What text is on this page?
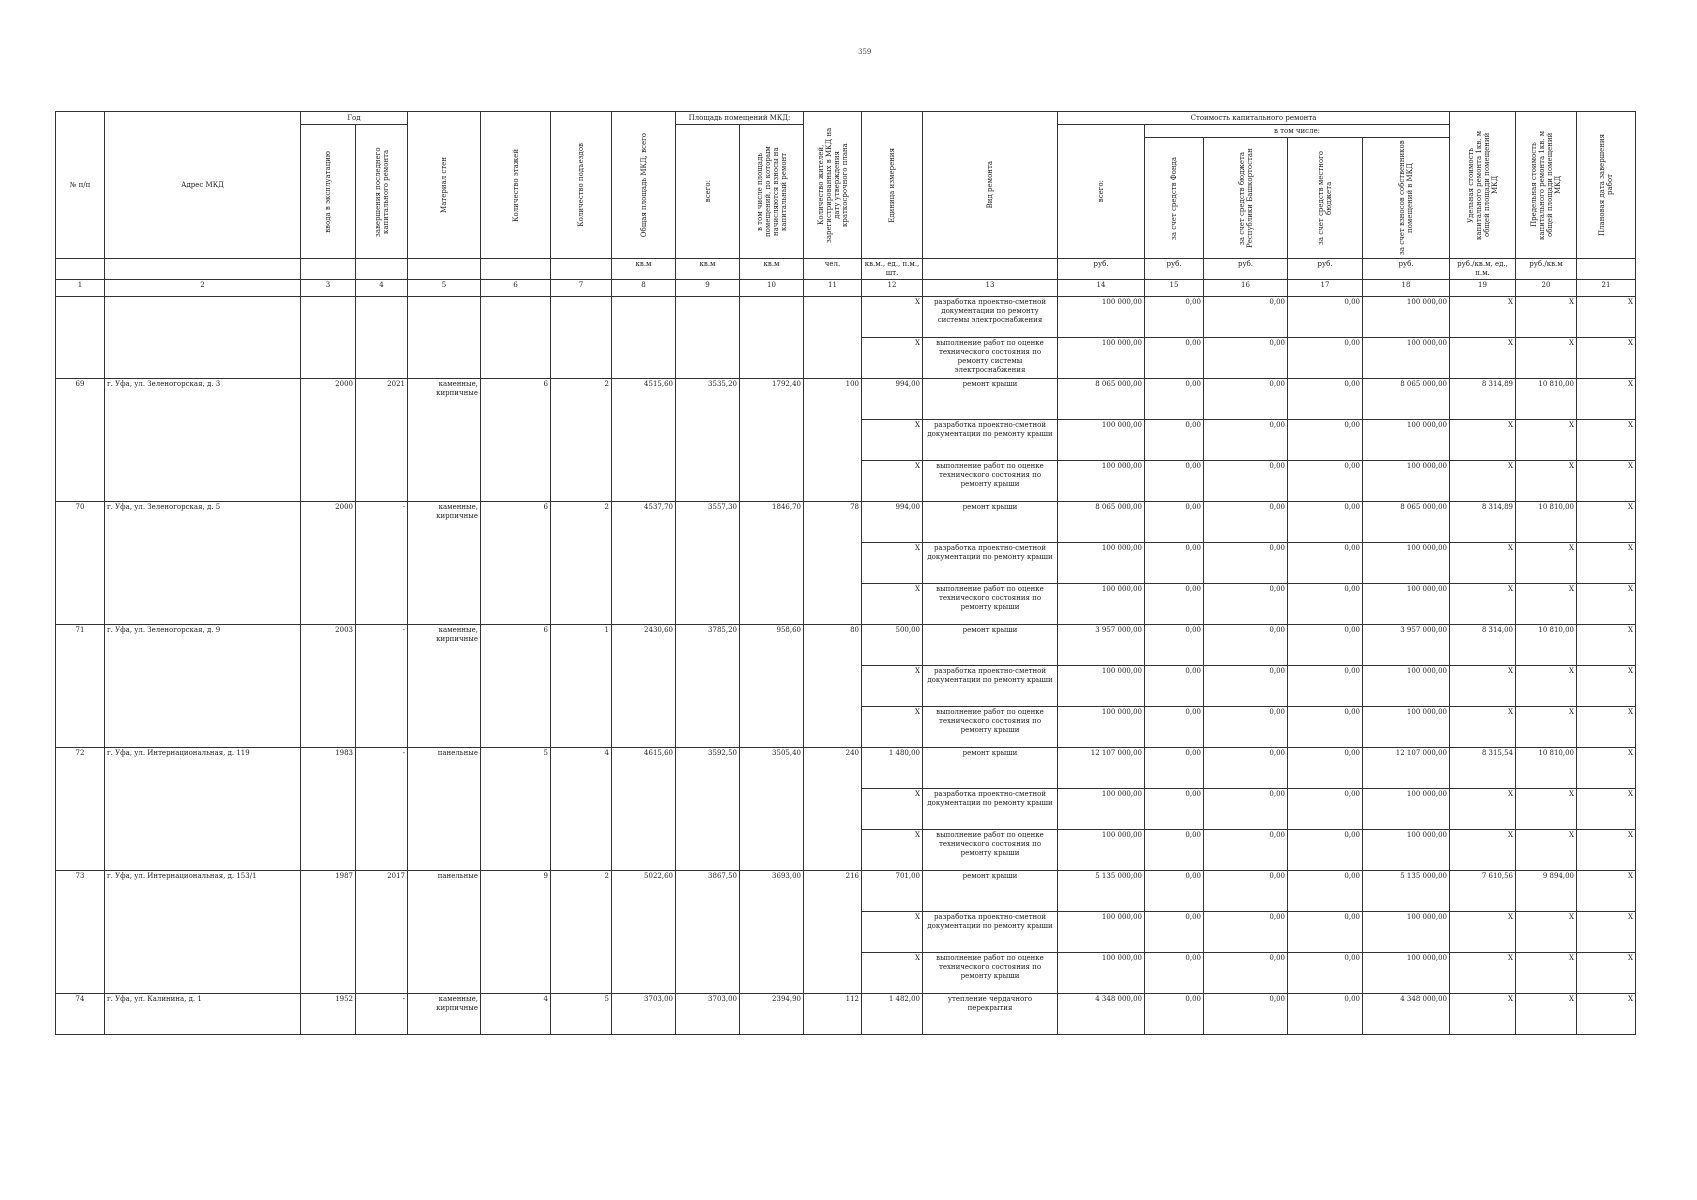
359
№ п/п	Адрес МКД	Год		Материал стен	Количество этажей	Количество подъездов	Общая площадь МКД, всего	Площадь помещений МКД:		Количество жителей, зарегистрированных в МКД на дату утверждения краткосрочного плана	Единица измерения	Вид ремонта	Стоимость капитального ремонта					Удельная стоимость капитального ремонта 1кв. м общей площади помещений МКД	Предельная стоимость капитального ремонта 1кв. м общей площади помещений МКД	Плановая дата завершения работ

		ввода в эксплуатацию	завершения последнего капитального ремонта					всего:	в том числе площадь помещений, по которым начисляются взносы на капитальный ремонт				всего:	в том числе:						

														за счет средств Фонда	за счет средств бюджета Республики Башкортостан	за счет средств местного бюджета	за счет взносов собственников помещений в МКД			

							кв.м	кв.м	кв.м	чел.	кв.м., ед., п.м., шт.		руб.	руб.	руб.	руб.	руб.	руб./кв.м, ед., п.м.	руб./кв.м	
1	2	3	4	5	6	7	8	9	10	11	12	13	14	15	16	17	18	19	20	21
											X	разработка проектно-сметной документации по ремонту системы электроснабжения	100 000,00	0,00	0,00	0,00	100 000,00	X	X	X
											X	выполнение работ по оценке технического состояния по ремонту системы электроснабжения	100 000,00	0,00	0,00	0,00	100 000,00	X	X	X
69	г. Уфа, ул. Зеленогорская, д. 3	2000	2021	каменные, кирпичные	6	2	4515,60	3535,20	1792,40	100	994,00	ремонт крыши	8 065 000,00	0,00	0,00	0,00	8 065 000,00	8 314,89	10 810,00	X
											X	разработка проектно-сметной документации по ремонту крыши	100 000,00	0,00	0,00	0,00	100 000,00	X	X	X
											X	выполнение работ по оценке технического состояния по ремонту крыши	100 000,00	0,00	0,00	0,00	100 000,00	X	X	X
70	г. Уфа, ул. Зеленогорская, д. 5	2000	-	каменные, кирпичные	6	2	4537,70	3557,30	1846,70	78	994,00	ремонт крыши	8 065 000,00	0,00	0,00	0,00	8 065 000,00	8 314,89	10 810,00	X
											X	разработка проектно-сметной документации по ремонту крыши	100 000,00	0,00	0,00	0,00	100 000,00	X	X	X
											X	выполнение работ по оценке технического состояния по ремонту крыши	100 000,00	0,00	0,00	0,00	100 000,00	X	X	X
71	г. Уфа, ул. Зеленогорская, д. 9	2003	-	каменные, кирпичные	6	1	2430,60	3785,20	958,60	80	500,00	ремонт крыши	3 957 000,00	0,00	0,00	0,00	3 957 000,00	8 314,00	10 810,00	X
											X	разработка проектно-сметной документации по ремонту крыши	100 000,00	0,00	0,00	0,00	100 000,00	X	X	X
											X	выполнение работ по оценке технического состояния по ремонту крыши	100 000,00	0,00	0,00	0,00	100 000,00	X	X	X
72	г. Уфа, ул. Интернациональная, д. 119	1983	-	панельные	5	4	4615,60	3592,50	3505,40	240	1 480,00	ремонт крыши	12 107 000,00	0,00	0,00	0,00	12 107 000,00	8 315,54	10 810,00	X
											X	разработка проектно-сметной документации по ремонту крыши	100 000,00	0,00	0,00	0,00	100 000,00	X	X	X
											X	выполнение работ по оценке технического состояния по ремонту крыши	100 000,00	0,00	0,00	0,00	100 000,00	X	X	X
73	г. Уфа, ул. Интернациональная, д. 153/1	1987	2017	панельные	9	2	5022,60	3867,50	3693,00	216	701,00	ремонт крыши	5 135 000,00	0,00	0,00	0,00	5 135 000,00	7 610,56	9 894,00	X
											X	разработка проектно-сметной документации по ремонту крыши	100 000,00	0,00	0,00	0,00	100 000,00	X	X	X
											X	выполнение работ по оценке технического состояния по ремонту крыши	100 000,00	0,00	0,00	0,00	100 000,00	X	X	X
74	г. Уфа, ул. Калинина, д. 1	1952	-	каменные, кирпичные	4	5	3703,00	3703,00	2394,90	112	1 482,00	утепление чердачного перекрытия	4 348 000,00	0,00	0,00	0,00	4 348 000,00	X	X	X
